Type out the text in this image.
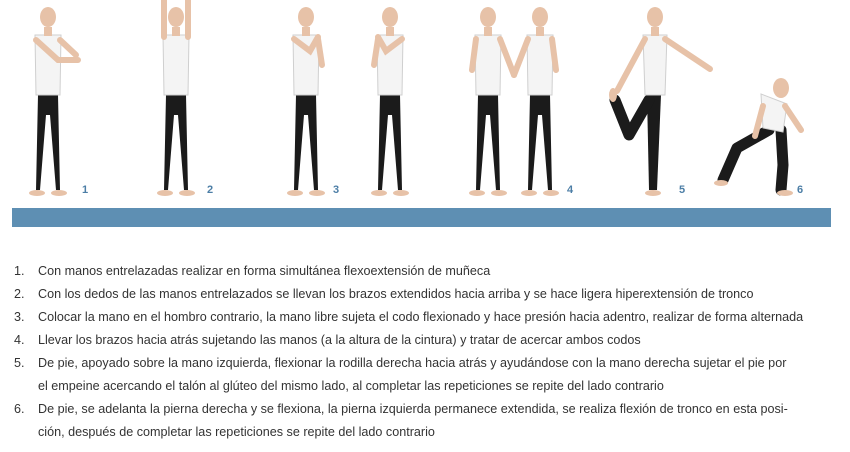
1	2	3	4	5	6
1. Con manos entrelazadas realizar en forma simultánea flexoextensión de muñeca
2. Con los dedos de las manos entrelazados se llevan los brazos extendidos hacia arriba y se hace ligera hiperextensión de tronco
3. Colocar la mano en el hombro contrario, la mano libre sujeta el codo flexionado y hace presión hacia adentro, realizar de forma alternada
4. Llevar los brazos hacia atrás sujetando las manos (a la altura de la cintura) y tratar de acercar ambos codos
5. De pie, apoyado sobre la mano izquierda, flexionar la rodilla derecha hacia atrás y ayudándose con la mano derecha sujetar el pie por
el empeine acercando el talón al glúteo del mismo lado, al completar las repeticiones se repite del lado contrario
6. De pie, se adelanta la pierna derecha y se flexiona, la pierna izquierda permanece extendida, se realiza flexión de tronco en esta posi-
ción, después de completar las repeticiones se repite del lado contrario
